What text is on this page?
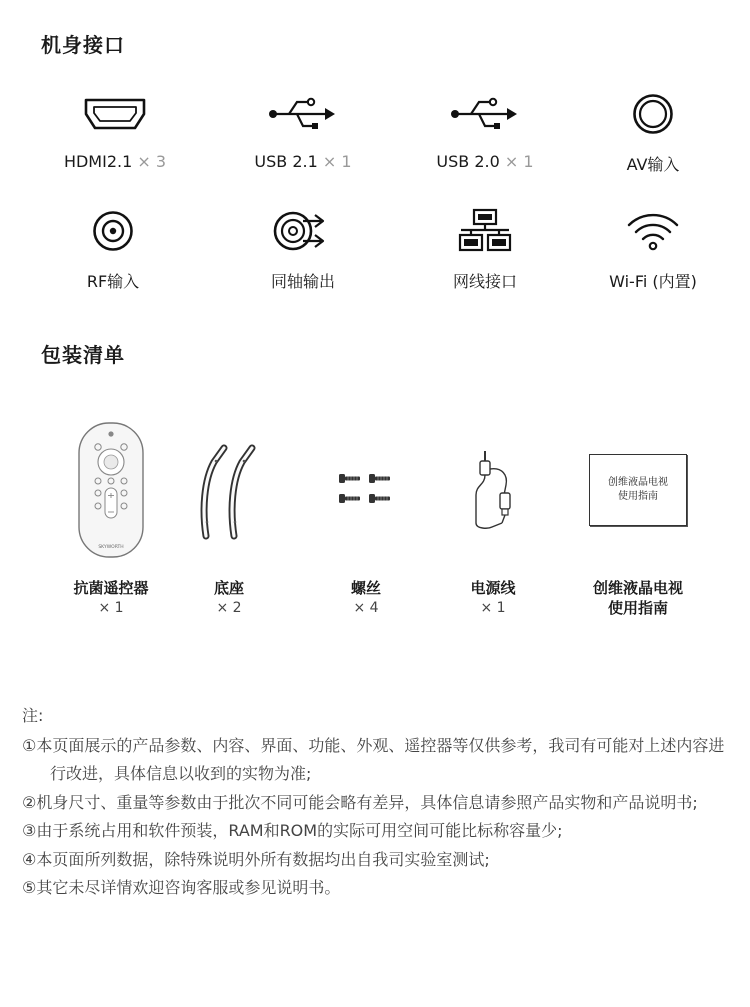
机身接口
HDMI2.1 × 3	USB 2.1 × 1	USB 2.0 × 1	AV输入
RF输入	同轴输出	网线接口	Wi-Fi (内置)
包装清单
SKYWORTH
抗菌遥控器
× 1
底座
× 2
螺丝
× 4
电源线
× 1
创维液晶电视
使用指南
创维液晶电视
使用指南
注:
①本页面展示的产品参数、内容、界面、功能、外观、遥控器等仅供参考，我司有可能对上述内容进行改进，具体信息以收到的实物为准;
②机身尺寸、重量等参数由于批次不同可能会略有差异，具体信息请参照产品实物和产品说明书;
③由于系统占用和软件预装，RAM和ROM的实际可用空间可能比标称容量少;
④本页面所列数据，除特殊说明外所有数据均出自我司实验室测试;
⑤其它未尽详情欢迎咨询客服或参见说明书。
